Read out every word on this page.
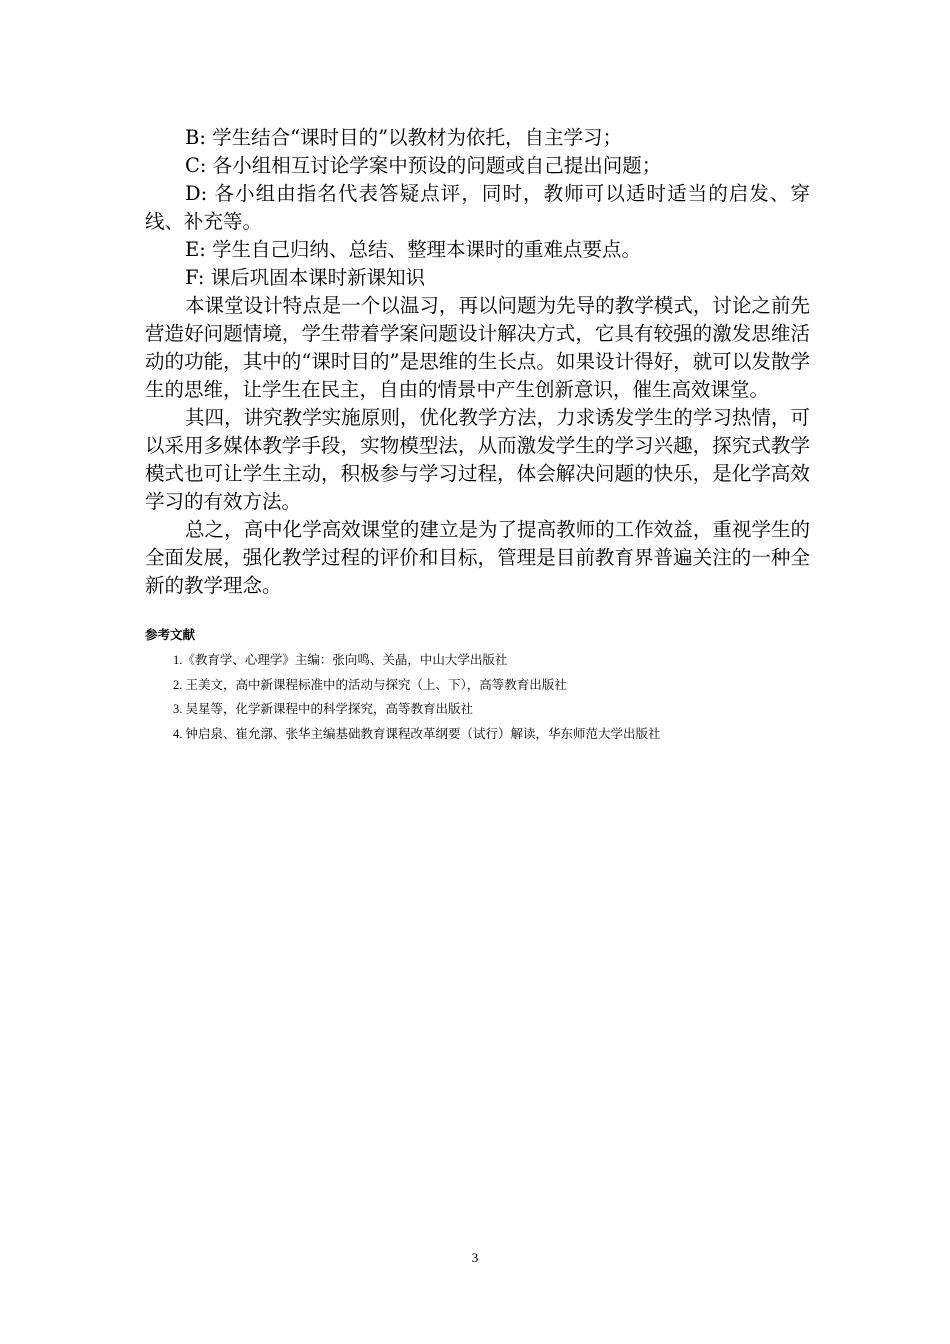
B: 学生结合“课时目的”以教材为依托，自主学习；

C: 各小组相互讨论学案中预设的问题或自己提出问题；

D: 各小组由指名代表答疑点评，同时，教师可以适时适当的启发、穿线、补充等。

E: 学生自己归纳、总结、整理本课时的重难点要点。

F: 课后巩固本课时新课知识

本课堂设计特点是一个以温习，再以问题为先导的教学模式，讨论之前先营造好问题情境，学生带着学案问题设计解决方式，它具有较强的激发思维活动的功能，其中的“课时目的”是思维的生长点。如果设计得好，就可以发散学生的思维，让学生在民主，自由的情景中产生创新意识，催生高效课堂。

其四，讲究教学实施原则，优化教学方法，力求诱发学生的学习热情，可以采用多媒体教学手段，实物模型法，从而激发学生的学习兴趣，探究式教学模式也可让学生主动，积极参与学习过程，体会解决问题的快乐，是化学高效学习的有效方法。

总之，高中化学高效课堂的建立是为了提高教师的工作效益，重视学生的全面发展，强化教学过程的评价和目标，管理是目前教育界普遍关注的一种全新的教学理念。

参考文献
1.《教育学、心理学》主编：张向鸣、关晶，中山大学出版社
2. 王美文，高中新课程标准中的活动与探究（上、下），高等教育出版社
3. 吴星等，化学新课程中的科学探究，高等教育出版社
4. 钟启泉、崔允漷、张华主编基础教育课程改革纲要（试行）解读，华东师范大学出版社
3
